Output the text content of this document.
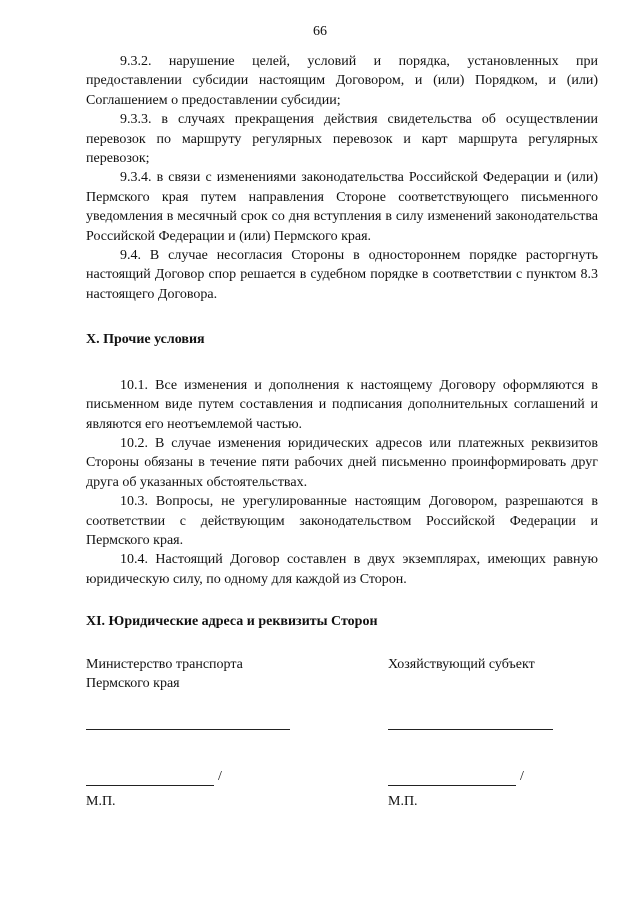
66

9.3.2. нарушение целей, условий и порядка, установленных при предоставлении субсидии настоящим Договором, и (или) Порядком, и (или) Соглашением о предоставлении субсидии;

9.3.3. в случаях прекращения действия свидетельства об осуществлении перевозок по маршруту регулярных перевозок и карт маршрута регулярных перевозок;

9.3.4. в связи с изменениями законодательства Российской Федерации и (или) Пермского края путем направления Стороне соответствующего письменного уведомления в месячный срок со дня вступления в силу изменений законодательства Российской Федерации и (или) Пермского края.

9.4. В случае несогласия Стороны в одностороннем порядке расторгнуть настоящий Договор спор решается в судебном порядке в соответствии с пунктом 8.3 настоящего Договора.

X. Прочие условия

10.1. Все изменения и дополнения к настоящему Договору оформляются в письменном виде путем составления и подписания дополнительных соглашений и являются его неотъемлемой частью.

10.2. В случае изменения юридических адресов или платежных реквизитов Стороны обязаны в течение пяти рабочих дней письменно проинформировать друг друга об указанных обстоятельствах.

10.3. Вопросы, не урегулированные настоящим Договором, разрешаются в соответствии с действующим законодательством Российской Федерации и Пермского края.

10.4. Настоящий Договор составлен в двух экземплярах, имеющих равную юридическую силу, по одному для каждой из Сторон.

XI. Юридические адреса и реквизиты Сторон

Министерство транспорта
Пермского края
/
М.П.
Хозяйствующий субъект
/
М.П.
